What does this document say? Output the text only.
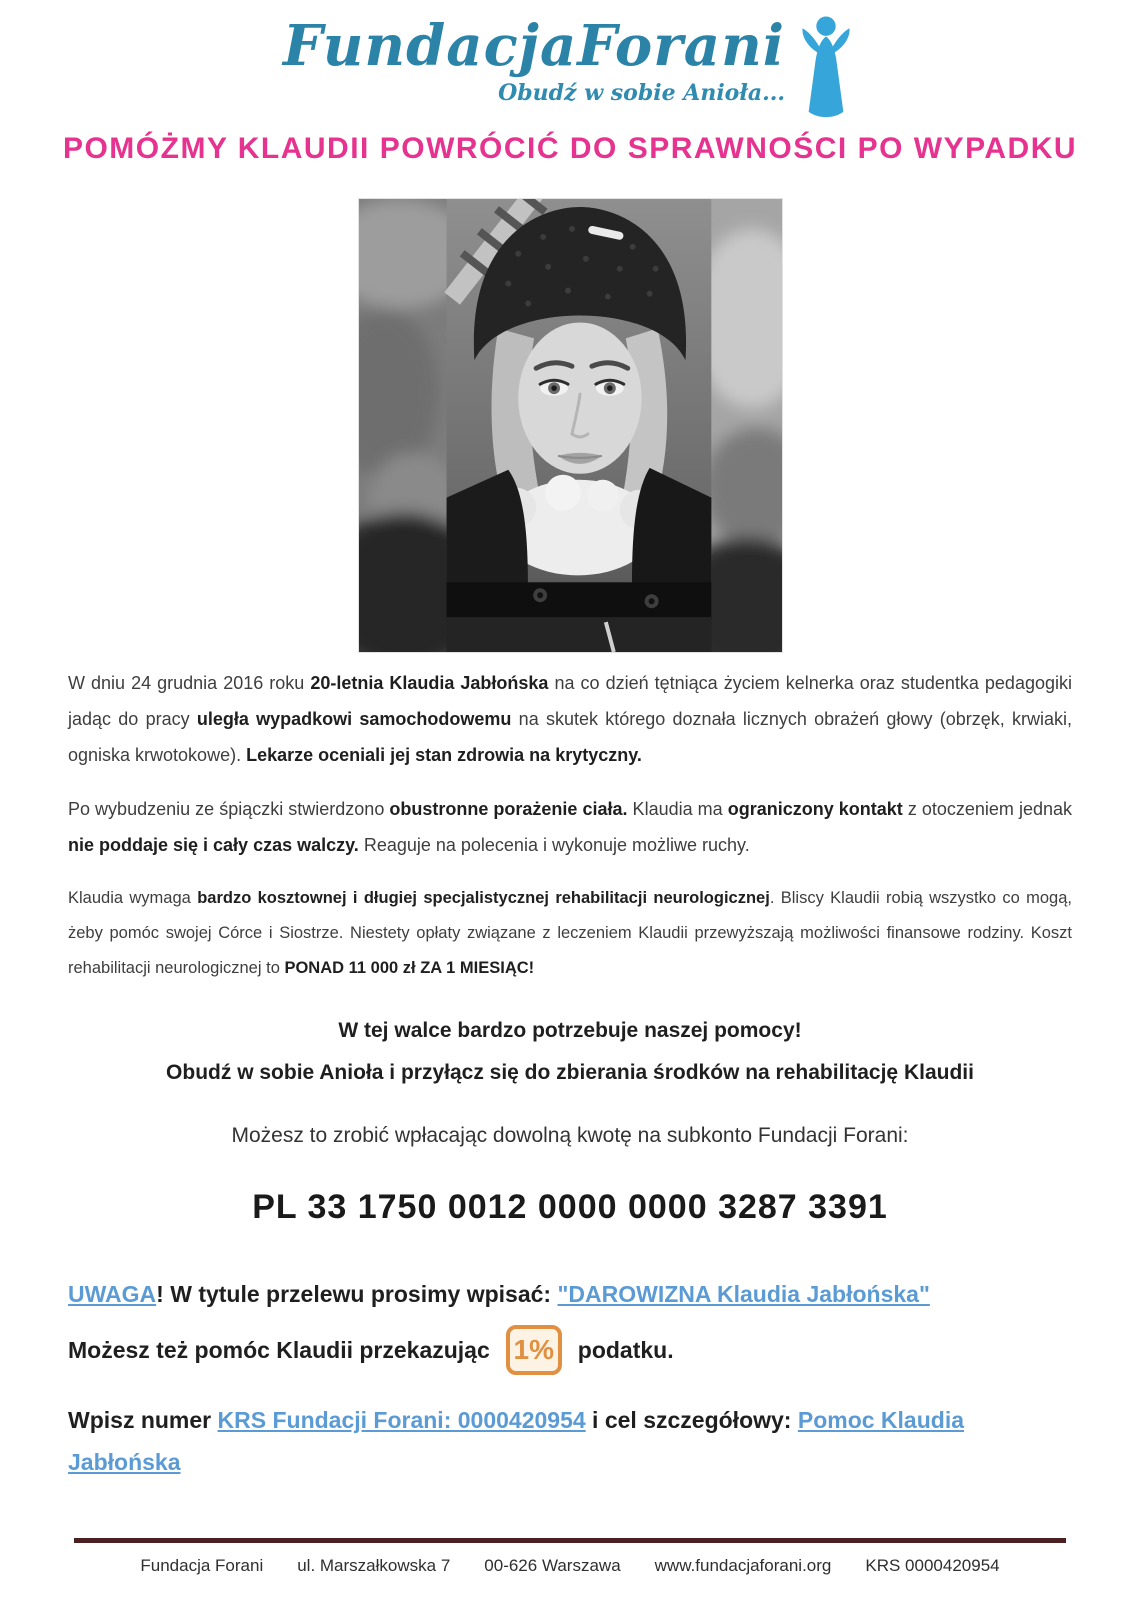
FundacjaForani
Obudź w sobie Anioła...
POMÓŻMY KLAUDII POWRÓCIĆ DO SPRAWNOŚCI PO WYPADKU

W dniu 24 grudnia 2016 roku 20-letnia Klaudia Jabłońska na co dzień tętniąca życiem kelnerka oraz studentka pedagogiki jadąc do pracy uległa wypadkowi samochodowemu na skutek którego doznała licznych obrażeń głowy (obrzęk, krwiaki, ogniska krwotokowe). Lekarze oceniali jej stan zdrowia na krytyczny.

Po wybudzeniu ze śpiączki stwierdzono obustronne porażenie ciała. Klaudia ma ograniczony kontakt z otoczeniem jednak nie poddaje się i cały czas walczy. Reaguje na polecenia i wykonuje możliwe ruchy.

Klaudia wymaga bardzo kosztownej i długiej specjalistycznej rehabilitacji neurologicznej. Bliscy Klaudii robią wszystko co mogą, żeby pomóc swojej Córce i Siostrze. Niestety opłaty związane z leczeniem Klaudii przewyższają możliwości finansowe rodziny. Koszt rehabilitacji neurologicznej to PONAD 11 000 zł ZA 1 MIESIĄC!

W tej walce bardzo potrzebuje naszej pomocy!
Obudź w sobie Anioła i przyłącz się do zbierania środków na rehabilitację Klaudii
Możesz to zrobić wpłacając dowolną kwotę na subkonto Fundacji Forani:
PL 33 1750 0012 0000 0000 3287 3391

UWAGA! W tytule przelewu prosimy wpisać: "DAROWIZNA Klaudia Jabłońska"

Możesz też pomóc Klaudii przekazując 1%	podatku.

Wpisz numer KRS Fundacji Forani: 0000420954 i cel szczegółowy: Pomoc Klaudia Jabłońska

Fundacja Forani ul. Marszałkowska 7 00-626 Warszawa www.fundacjaforani.org KRS 0000420954
